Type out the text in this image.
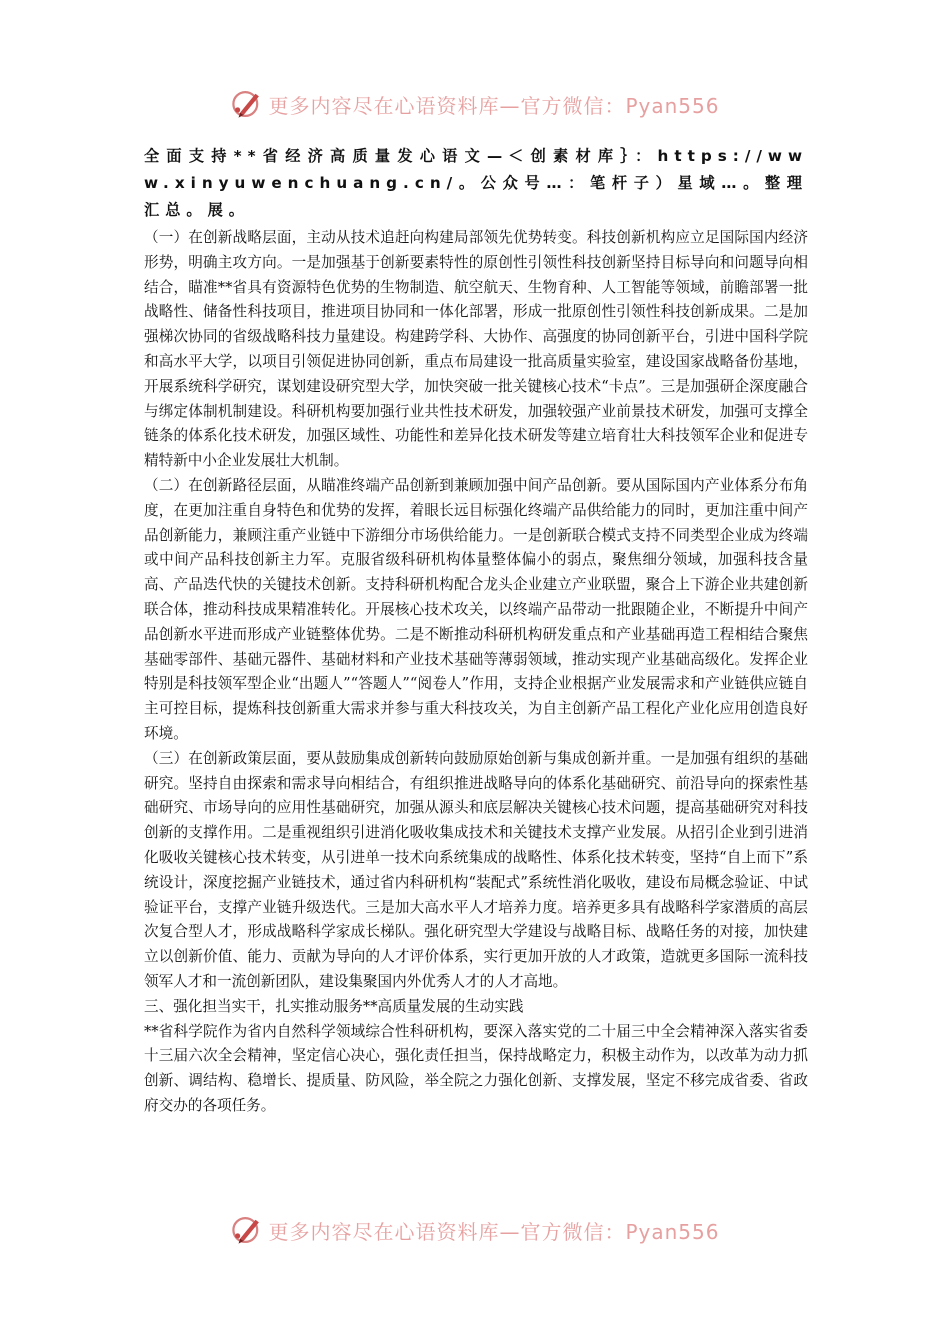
更多内容尽在心语资料库—官方微信：Pyan556

全面支持**省经济高质量发心语文—＜创素材库｝：https://www.xinyuwenchuang.cn/。公众号…：笔杆子）星域…。整理汇总。展。

（一）在创新战略层面，主动从技术追赶向构建局部领先优势转变。科技创新机构应立足国际国内经济形势，明确主攻方向。一是加强基于创新要素特性的原创性引领性科技创新坚持目标导向和问题导向相结合，瞄准**省具有资源特色优势的生物制造、航空航天、生物育种、人工智能等领域，前瞻部署一批战略性、储备性科技项目，推进项目协同和一体化部署，形成一批原创性引领性科技创新成果。二是加强梯次协同的省级战略科技力量建设。构建跨学科、大协作、高强度的协同创新平台，引进中国科学院和高水平大学，以项目引领促进协同创新，重点布局建设一批高质量实验室，建设国家战略备份基地，开展系统科学研究，谋划建设研究型大学，加快突破一批关键核心技术“卡点”。三是加强研企深度融合与绑定体制机制建设。科研机构要加强行业共性技术研发，加强较强产业前景技术研发，加强可支撑全链条的体系化技术研发，加强区域性、功能性和差异化技术研发等建立培育壮大科技领军企业和促进专精特新中小企业发展壮大机制。

（二）在创新路径层面，从瞄准终端产品创新到兼顾加强中间产品创新。要从国际国内产业体系分布角度，在更加注重自身特色和优势的发挥，着眼长远目标强化终端产品供给能力的同时，更加注重中间产品创新能力，兼顾注重产业链中下游细分市场供给能力。一是创新联合模式支持不同类型企业成为终端或中间产品科技创新主力军。克服省级科研机构体量整体偏小的弱点，聚焦细分领域，加强科技含量高、产品迭代快的关键技术创新。支持科研机构配合龙头企业建立产业联盟，聚合上下游企业共建创新联合体，推动科技成果精准转化。开展核心技术攻关，以终端产品带动一批跟随企业，不断提升中间产品创新水平进而形成产业链整体优势。二是不断推动科研机构研发重点和产业基础再造工程相结合聚焦基础零部件、基础元器件、基础材料和产业技术基础等薄弱领域，推动实现产业基础高级化。发挥企业特别是科技领军型企业“出题人”“答题人”“阅卷人”作用，支持企业根据产业发展需求和产业链供应链自主可控目标，提炼科技创新重大需求并参与重大科技攻关，为自主创新产品工程化产业化应用创造良好环境。

（三）在创新政策层面，要从鼓励集成创新转向鼓励原始创新与集成创新并重。一是加强有组织的基础研究。坚持自由探索和需求导向相结合，有组织推进战略导向的体系化基础研究、前沿导向的探索性基础研究、市场导向的应用性基础研究，加强从源头和底层解决关键核心技术问题，提高基础研究对科技创新的支撑作用。二是重视组织引进消化吸收集成技术和关键技术支撑产业发展。从招引企业到引进消化吸收关键核心技术转变，从引进单一技术向系统集成的战略性、体系化技术转变，坚持“自上而下”系统设计，深度挖掘产业链技术，通过省内科研机构“装配式”系统性消化吸收，建设布局概念验证、中试验证平台，支撑产业链升级迭代。三是加大高水平人才培养力度。培养更多具有战略科学家潜质的高层次复合型人才，形成战略科学家成长梯队。强化研究型大学建设与战略目标、战略任务的对接，加快建立以创新价值、能力、贡献为导向的人才评价体系，实行更加开放的人才政策，造就更多国际一流科技领军人才和一流创新团队，建设集聚国内外优秀人才的人才高地。

三、强化担当实干，扎实推动服务**高质量发展的生动实践

**省科学院作为省内自然科学领域综合性科研机构，要深入落实党的二十届三中全会精神深入落实省委十三届六次全会精神，坚定信心决心，强化责任担当，保持战略定力，积极主动作为，以改革为动力抓创新、调结构、稳增长、提质量、防风险，举全院之力强化创新、支撑发展，坚定不移完成省委、省政府交办的各项任务。

更多内容尽在心语资料库—官方微信：Pyan556
